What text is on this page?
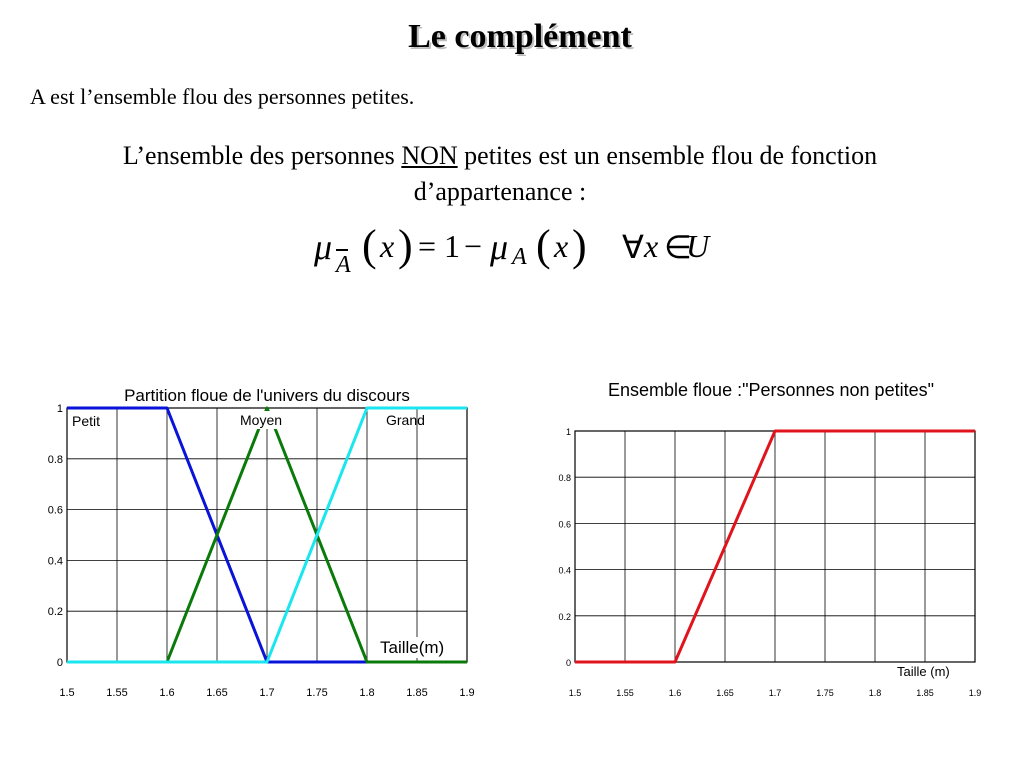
Le complément
A est l’ensemble flou des personnes petites.
L’ensemble des personnes NON petites est un ensemble flou de fonction
d’appartenance :
μ A ( x ) = 1 − μ A ( x ) ∀ x ∈
U
Partition floue de l'univers du discours
1.5	1.55	1.6	1.65	1.7	1.75	1.8	1.85	1.9
0
0.2
0.4
0.6
0.8
1
Petit	Moyen	Grand
Taille(m)
Ensemble floue :"Personnes non petites"
1.5	1.55	1.6	1.65	1.7	1.75	1.8	1.85	1.9
0
0.2
0.4
0.6
0.8
1
Taille (m)
